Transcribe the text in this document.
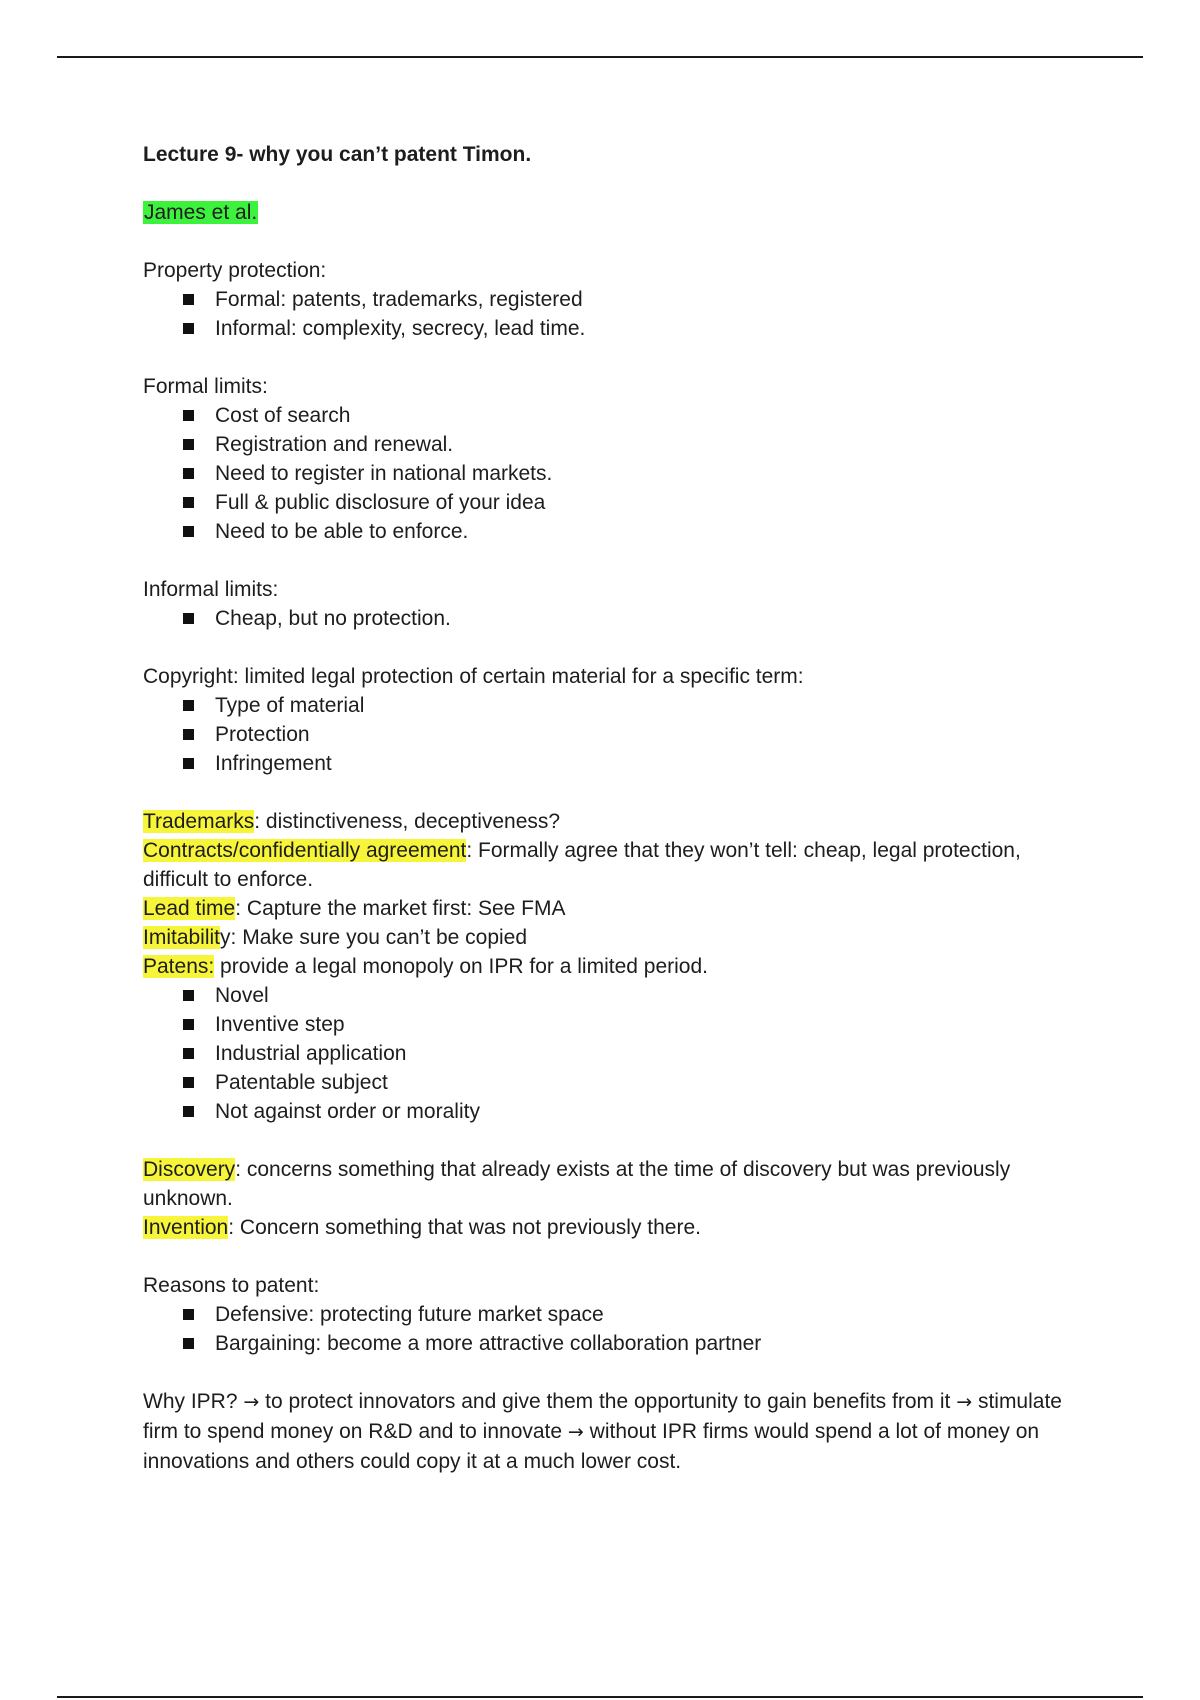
Lecture 9- why you can’t patent Timon.

James et al.

Property protection:

Formal: patents, trademarks, registered
Informal: complexity, secrecy, lead time.

Formal limits:

Cost of search
Registration and renewal.
Need to register in national markets.
Full & public disclosure of your idea
Need to be able to enforce.

Informal limits:

Cheap, but no protection.

Copyright: limited legal protection of certain material for a specific term:

Type of material
Protection
Infringement

Trademarks: distinctiveness, deceptiveness?

Contracts/confidentially agreement: Formally agree that they won’t tell: cheap, legal protection, difficult to enforce.

Lead time: Capture the market first: See FMA

Imitability: Make sure you can’t be copied

Patens: provide a legal monopoly on IPR for a limited period.

Novel
Inventive step
Industrial application
Patentable subject
Not against order or morality

Discovery: concerns something that already exists at the time of discovery but was previously unknown.

Invention: Concern something that was not previously there.

Reasons to patent:

Defensive: protecting future market space
Bargaining: become a more attractive collaboration partner

Why IPR? → to protect innovators and give them the opportunity to gain benefits from it → stimulate firm to spend money on R&D and to innovate → without IPR firms would spend a lot of money on innovations and others could copy it at a much lower cost.
